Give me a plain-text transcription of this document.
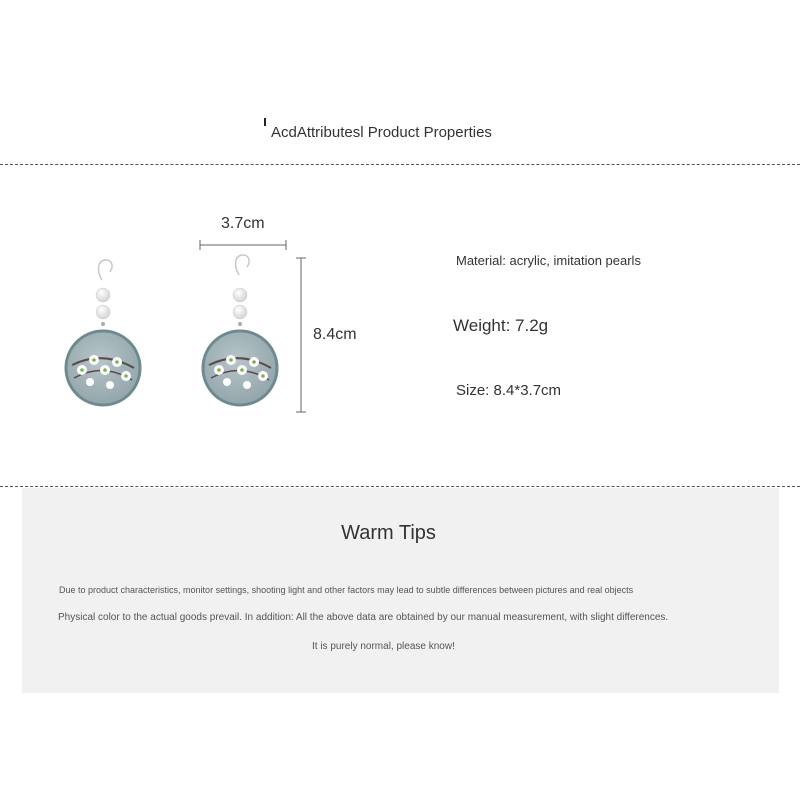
AcdAttributesl Product Properties
3.7cm
8.4cm
Material: acrylic, imitation pearls
Weight: 7.2g
Size: 8.4*3.7cm
Warm Tips
Due to product characteristics, monitor settings, shooting light and other factors may lead to subtle differences between pictures and real objects
Physical color to the actual goods prevail. In addition: All the above data are obtained by our manual measurement, with slight differences.
It is purely normal, please know!
